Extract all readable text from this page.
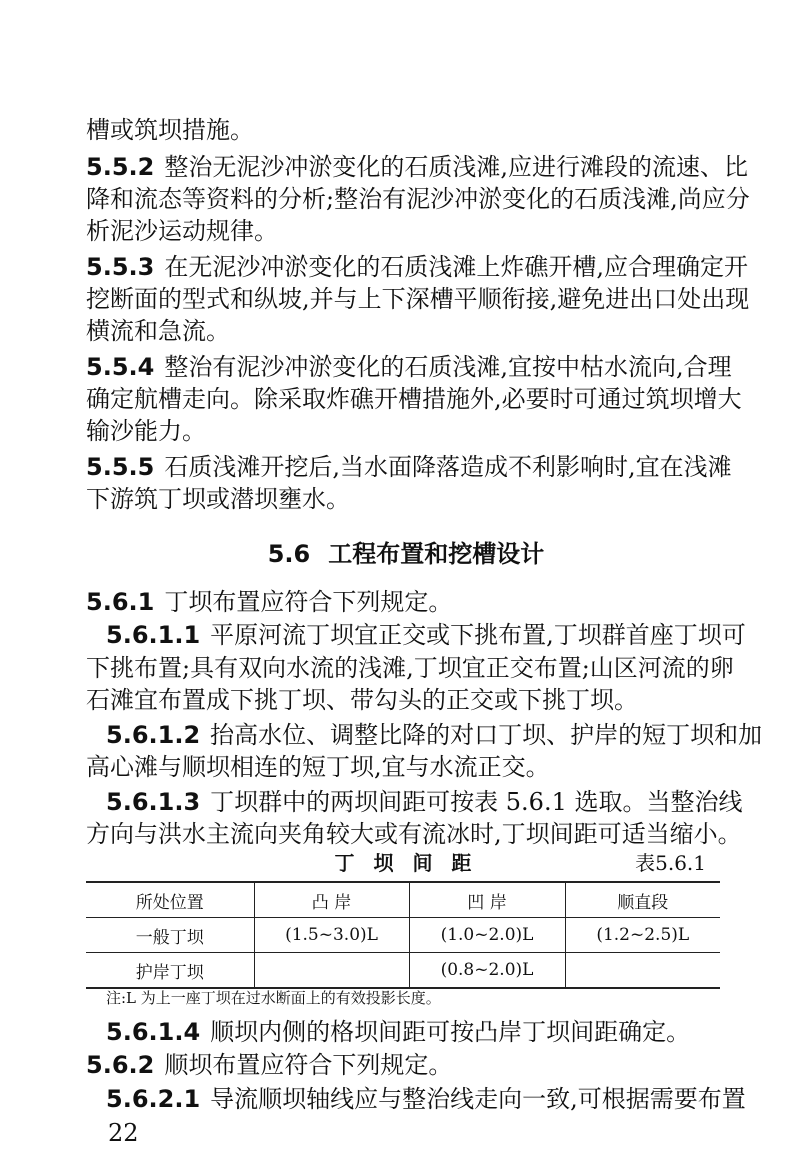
槽或筑坝措施。
5.5.2 整治无泥沙冲淤变化的石质浅滩,应进行滩段的流速、比
降和流态等资料的分析;整治有泥沙冲淤变化的石质浅滩,尚应分
析泥沙运动规律。
5.5.3 在无泥沙冲淤变化的石质浅滩上炸礁开槽,应合理确定开
挖断面的型式和纵坡,并与上下深槽平顺衔接,避免进出口处出现
横流和急流。
5.5.4 整治有泥沙冲淤变化的石质浅滩,宜按中枯水流向,合理
确定航槽走向。除采取炸礁开槽措施外,必要时可通过筑坝增大
输沙能力。
5.5.5 石质浅滩开挖后,当水面降落造成不利影响时,宜在浅滩
下游筑丁坝或潜坝壅水。
5.6 工程布置和挖槽设计
5.6.1 丁坝布置应符合下列规定。
5.6.1.1 平原河流丁坝宜正交或下挑布置,丁坝群首座丁坝可
下挑布置;具有双向水流的浅滩,丁坝宜正交布置;山区河流的卵
石滩宜布置成下挑丁坝、带勾头的正交或下挑丁坝。
5.6.1.2 抬高水位、调整比降的对口丁坝、护岸的短丁坝和加
高心滩与顺坝相连的短丁坝,宜与水流正交。
5.6.1.3 丁坝群中的两坝间距可按表 5.6.1 选取。当整治线
方向与洪水主流向夹角较大或有流冰时,丁坝间距可适当缩小。
丁 坝 间 距	表5.6.1
所处位置	凸 岸	凹 岸	顺直段
一般丁坝	(1.5~3.0)L	(1.0~2.0)L	(1.2~2.5)L
护岸丁坝		(0.8~2.0)L	
注:L 为上一座丁坝在过水断面上的有效投影长度。
5.6.1.4 顺坝内侧的格坝间距可按凸岸丁坝间距确定。
5.6.2 顺坝布置应符合下列规定。
5.6.2.1 导流顺坝轴线应与整治线走向一致,可根据需要布置
22
